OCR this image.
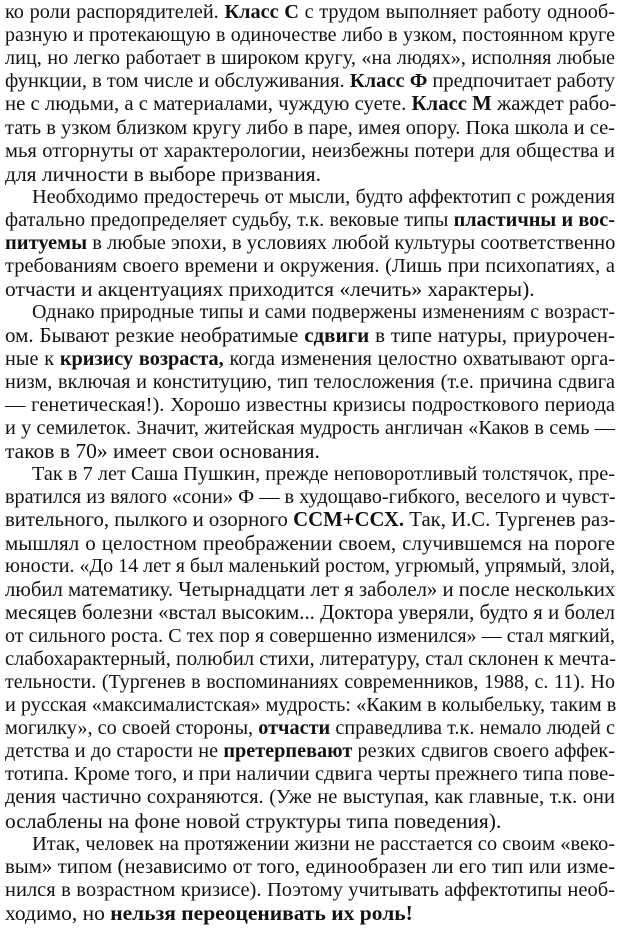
ко роли распорядителей. Класс С с трудом выполняет работу однооб-

разную и протекающую в одиночестве либо в узком, постоянном круге

лиц, но легко работает в широком кругу, «на людях», исполняя любые

функции, в том числе и обслуживания. Класс Ф предпочитает работу

не с людьми, а с материалами, чуждую суете. Класс М жаждет рабо-

тать в узком близком кругу либо в паре, имея опору. Пока школа и се-

мья отгорнуты от характерологии, неизбежны потери для общества и

для личности в выборе призвания.

Необходимо предостеречь от мысли, будто аффектотип с рождения

фатально предопределяет судьбу, т.к. вековые типы пластичны и вос-

питуемы в любые эпохи, в условиях любой культуры соответственно

требованиям своего времени и окружения. (Лишь при психопатиях, а

отчасти и акцентуациях приходится «лечить» характеры).

Однако природные типы и сами подвержены изменениям с возраст-

ом. Бывают резкие необратимые сдвиги в типе натуры, приурочен-

ные к кризису возраста, когда изменения целостно охватывают орга-

низм, включая и конституцию, тип телосложения (т.е. причина сдвига

— генетическая!). Хорошо известны кризисы подросткового периода

и у семилеток. Значит, житейская мудрость англичан «Каков в семь —

таков в 70» имеет свои основания.

Так в 7 лет Саша Пушкин, прежде неповоротливый толстячок, пре-

вратился из вялого «сони» Ф — в худощаво-гибкого, веселого и чувст-

вительного, пылкого и озорного ССМ+ССХ. Так, И.С. Тургенев раз-

мышлял о целостном преображении своем, случившемся на пороге

юности. «До 14 лет я был маленький ростом, угрюмый, упрямый, злой,

любил математику. Четырнадцати лет я заболел» и после нескольких

месяцев болезни «встал высоким... Доктора уверяли, будто я и болел

от сильного роста. С тех пор я совершенно изменился» — стал мягкий,

слабохарактерный, полюбил стихи, литературу, стал склонен к мечта-

тельности. (Тургенев в воспоминаниях современников, 1988, с. 11). Но

и русская «максималистская» мудрость: «Каким в колыбельку, таким в

могилку», со своей стороны, отчасти справедлива т.к. немало людей с

детства и до старости не претерпевают резких сдвигов своего аффек-

тотипа. Кроме того, и при наличии сдвига черты прежнего типа пове-

дения частично сохраняются. (Уже не выступая, как главные, т.к. они

ослаблены на фоне новой структуры типа поведения).

Итак, человек на протяжении жизни не расстается со своим «веко-

вым» типом (независимо от того, единообразен ли его тип или изме-

нился в возрастном кризисе). Поэтому учитывать аффектотипы необ-

ходимо, но нельзя переоценивать их роль!
